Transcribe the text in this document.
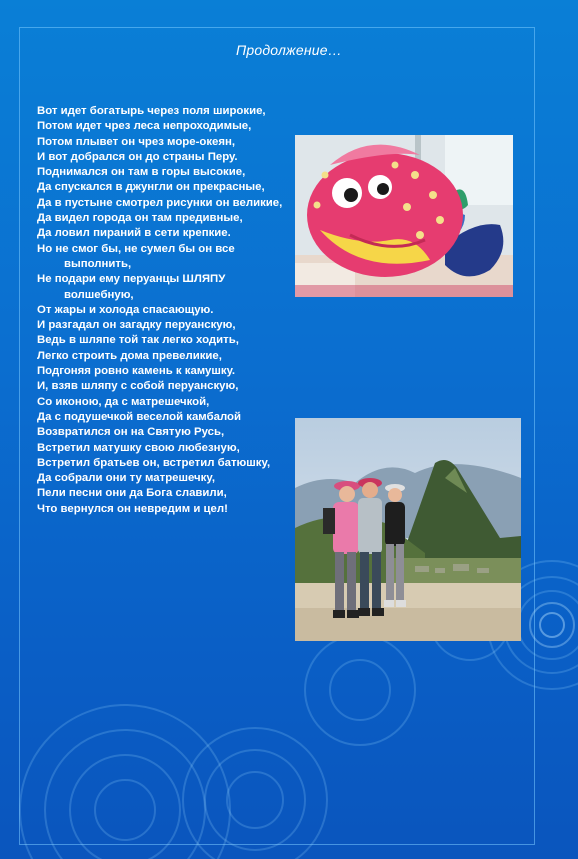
Продолжение…

Вот идет богатырь через поля широкие,

Потом идет чрез леса непроходимые,

Потом плывет он чрез море-океян,

И вот добрался он до страны Перу.

Поднимался он там в горы высокие,

Да спускался в джунгли он прекрасные,

Да в пустыне смотрел рисунки он великие,

Да видел города он там предивные,

Да ловил пираний в сети крепкие.

Но не смог бы, не сумел бы он все выполнить,

Не подари ему перуанцы ШЛЯПУ волшебную,

От жары и холода спасающую.

И разгадал он загадку перуанскую,

Ведь в шляпе той так легко ходить,

Легко строить дома превеликие,

Подгоняя ровно камень к камушку.

И, взяв шляпу с собой перуанскую,

Со иконою, да с матрешечкой,

Да с подушечкой веселой камбалой

Возвратился он на Святую Русь,

Встретил матушку свою любезную,

Встретил братьев он, встретил батюшку,

Да собрали они ту матрешечку,

Пели песни они да Бога славили,

Что вернулся он невредим и цел!
